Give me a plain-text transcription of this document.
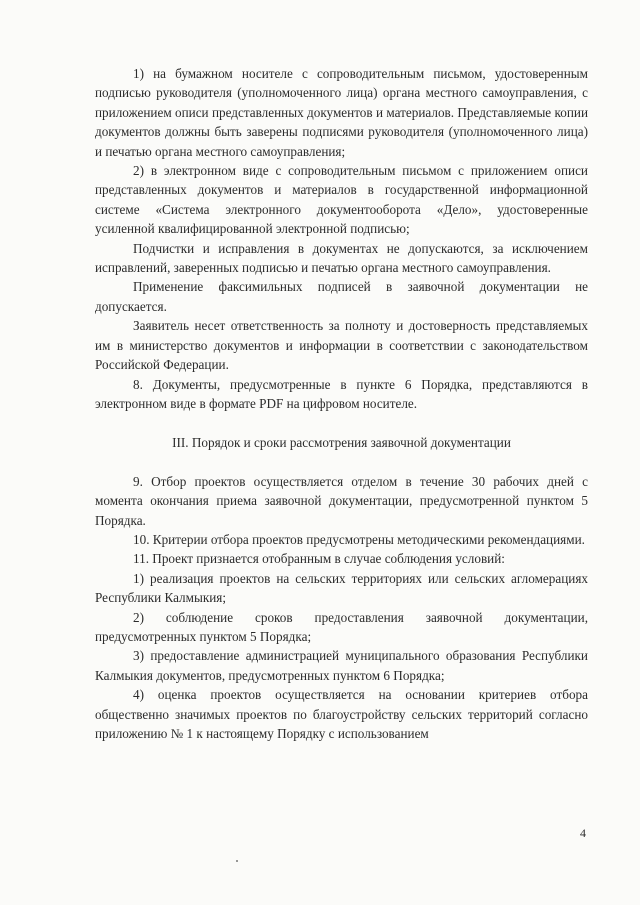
1) на бумажном носителе с сопроводительным письмом, удостоверенным подписью руководителя (уполномоченного лица) органа местного самоуправления, с приложением описи представленных документов и материалов. Представляемые копии документов должны быть заверены подписями руководителя (уполномоченного лица) и печатью органа местного самоуправления;

2) в электронном виде с сопроводительным письмом с приложением описи представленных документов и материалов в государственной информационной системе «Система электронного документооборота «Дело», удостоверенные усиленной квалифицированной электронной подписью;

Подчистки и исправления в документах не допускаются, за исключением исправлений, заверенных подписью и печатью органа местного самоуправления.

Применение факсимильных подписей в заявочной документации не допускается.

Заявитель несет ответственность за полноту и достоверность представляемых им в министерство документов и информации в соответствии с законодательством Российской Федерации.

8. Документы, предусмотренные в пункте 6 Порядка, представляются в электронном виде в формате PDF на цифровом носителе.

III. Порядок и сроки рассмотрения заявочной документации

9. Отбор проектов осуществляется отделом в течение 30 рабочих дней с момента окончания приема заявочной документации, предусмотренной пунктом 5 Порядка.

10. Критерии отбора проектов предусмотрены методическими рекомендациями.

11. Проект признается отобранным в случае соблюдения условий:

1) реализация проектов на сельских территориях или сельских агломерациях Республики Калмыкия;

2) соблюдение сроков предоставления заявочной документации, предусмотренных пунктом 5 Порядка;

3) предоставление администрацией муниципального образования Республики Калмыкия документов, предусмотренных пунктом 6 Порядка;

4) оценка проектов осуществляется на основании критериев отбора общественно значимых проектов по благоустройству сельских территорий согласно приложению № 1 к настоящему Порядку с использованием

4
